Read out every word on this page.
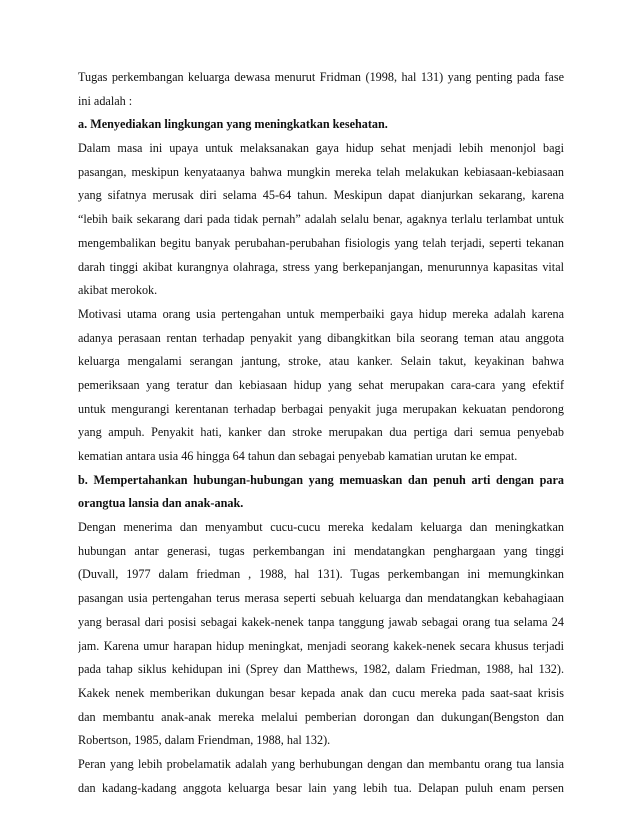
Tugas perkembangan keluarga dewasa menurut Fridman (1998, hal 131) yang penting pada fase
ini adalah :
a. Menyediakan lingkungan yang meningkatkan kesehatan.
Dalam masa ini upaya untuk melaksanakan gaya hidup sehat menjadi lebih menonjol bagi
pasangan, meskipun kenyataanya bahwa mungkin mereka telah melakukan kebiasaan-kebiasaan
yang sifatnya merusak diri selama 45-64 tahun. Meskipun dapat dianjurkan sekarang, karena
“lebih baik sekarang dari pada tidak pernah” adalah selalu benar, agaknya terlalu terlambat untuk
mengembalikan begitu banyak perubahan-perubahan fisiologis yang telah terjadi, seperti tekanan
darah tinggi akibat kurangnya olahraga, stress yang berkepanjangan, menurunnya kapasitas vital
akibat merokok.
Motivasi utama orang usia pertengahan untuk memperbaiki gaya hidup mereka adalah karena
adanya perasaan rentan terhadap penyakit yang dibangkitkan bila seorang teman atau anggota
keluarga mengalami serangan jantung, stroke, atau kanker. Selain takut, keyakinan bahwa
pemeriksaan yang teratur dan kebiasaan hidup yang sehat merupakan cara-cara yang efektif
untuk mengurangi kerentanan terhadap berbagai penyakit juga merupakan kekuatan pendorong
yang ampuh. Penyakit hati, kanker dan stroke merupakan dua pertiga dari semua penyebab
kematian antara usia 46 hingga 64 tahun dan sebagai penyebab kamatian urutan ke empat.
b. Mempertahankan hubungan-hubungan yang memuaskan dan penuh arti dengan para
orangtua lansia dan anak-anak.
Dengan menerima dan menyambut cucu-cucu mereka kedalam keluarga dan meningkatkan
hubungan antar generasi, tugas perkembangan ini mendatangkan penghargaan yang tinggi
(Duvall, 1977 dalam friedman , 1988, hal 131). Tugas perkembangan ini memungkinkan
pasangan usia pertengahan terus merasa seperti sebuah keluarga dan mendatangkan kebahagiaan
yang berasal dari posisi sebagai kakek-nenek tanpa tanggung jawab sebagai orang tua selama 24
jam. Karena umur harapan hidup meningkat, menjadi seorang kakek-nenek secara khusus terjadi
pada tahap siklus kehidupan ini (Sprey dan Matthews, 1982, dalam Friedman, 1988, hal 132).
Kakek nenek memberikan dukungan besar kepada anak dan cucu mereka pada saat-saat krisis
dan membantu anak-anak mereka melalui pemberian dorongan dan dukungan(Bengston dan
Robertson, 1985, dalam Friendman, 1988, hal 132).
Peran yang lebih probelamatik adalah yang berhubungan dengan dan membantu orang tua lansia
dan kadang-kadang anggota keluarga besar lain yang lebih tua. Delapan puluh enam persen
